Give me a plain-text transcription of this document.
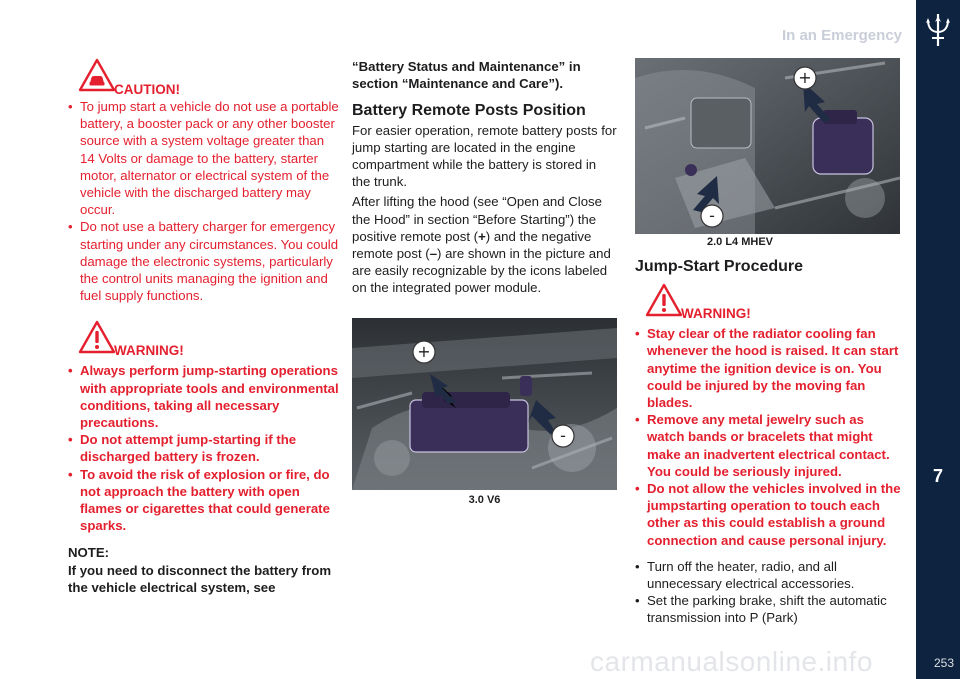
In an Emergency
7
253
CAUTION!
• To jump start a vehicle do not use a portable battery, a booster pack or any other booster source with a system voltage greater than 14 Volts or damage to the battery, starter motor, alternator or electrical system of the vehicle with the discharged battery may occur.
• Do not use a battery charger for emergency starting under any circumstances. You could damage the electronic systems, particularly the control units managing the ignition and fuel supply functions.
WARNING!
• Always perform jump-starting operations with appropriate tools and environmental conditions, taking all necessary precautions.
• Do not attempt jump-starting if the discharged battery is frozen.
• To avoid the risk of explosion or fire, do not approach the battery with open flames or cigarettes that could generate sparks.
NOTE:
If you need to disconnect the battery from the vehicle electrical system, see
“Battery Status and Maintenance” in section “Maintenance and Care”).
Battery Remote Posts Position
For easier operation, remote battery posts for jump starting are located in the engine compartment while the battery is stored in the trunk.
After lifting the hood (see “Open and Close the Hood” in section “Before Starting”) the positive remote post (+) and the negative remote post (–) are shown in the picture and are easily recognizable by the icons labeled on the integrated power module.
+
-
3.0 V6
+
-
2.0 L4 MHEV
Jump-Start Procedure
WARNING!
• Stay clear of the radiator cooling fan whenever the hood is raised. It can start anytime the ignition device is on. You could be injured by the moving fan blades.
• Remove any metal jewelry such as watch bands or bracelets that might make an inadvertent electrical contact. You could be seriously injured.
• Do not allow the vehicles involved in the jumpstarting operation to touch each other as this could establish a ground connection and cause personal injury.
• Turn off the heater, radio, and all unnecessary electrical accessories.
• Set the parking brake, shift the automatic transmission into P (Park)
carmanualsonline.info
